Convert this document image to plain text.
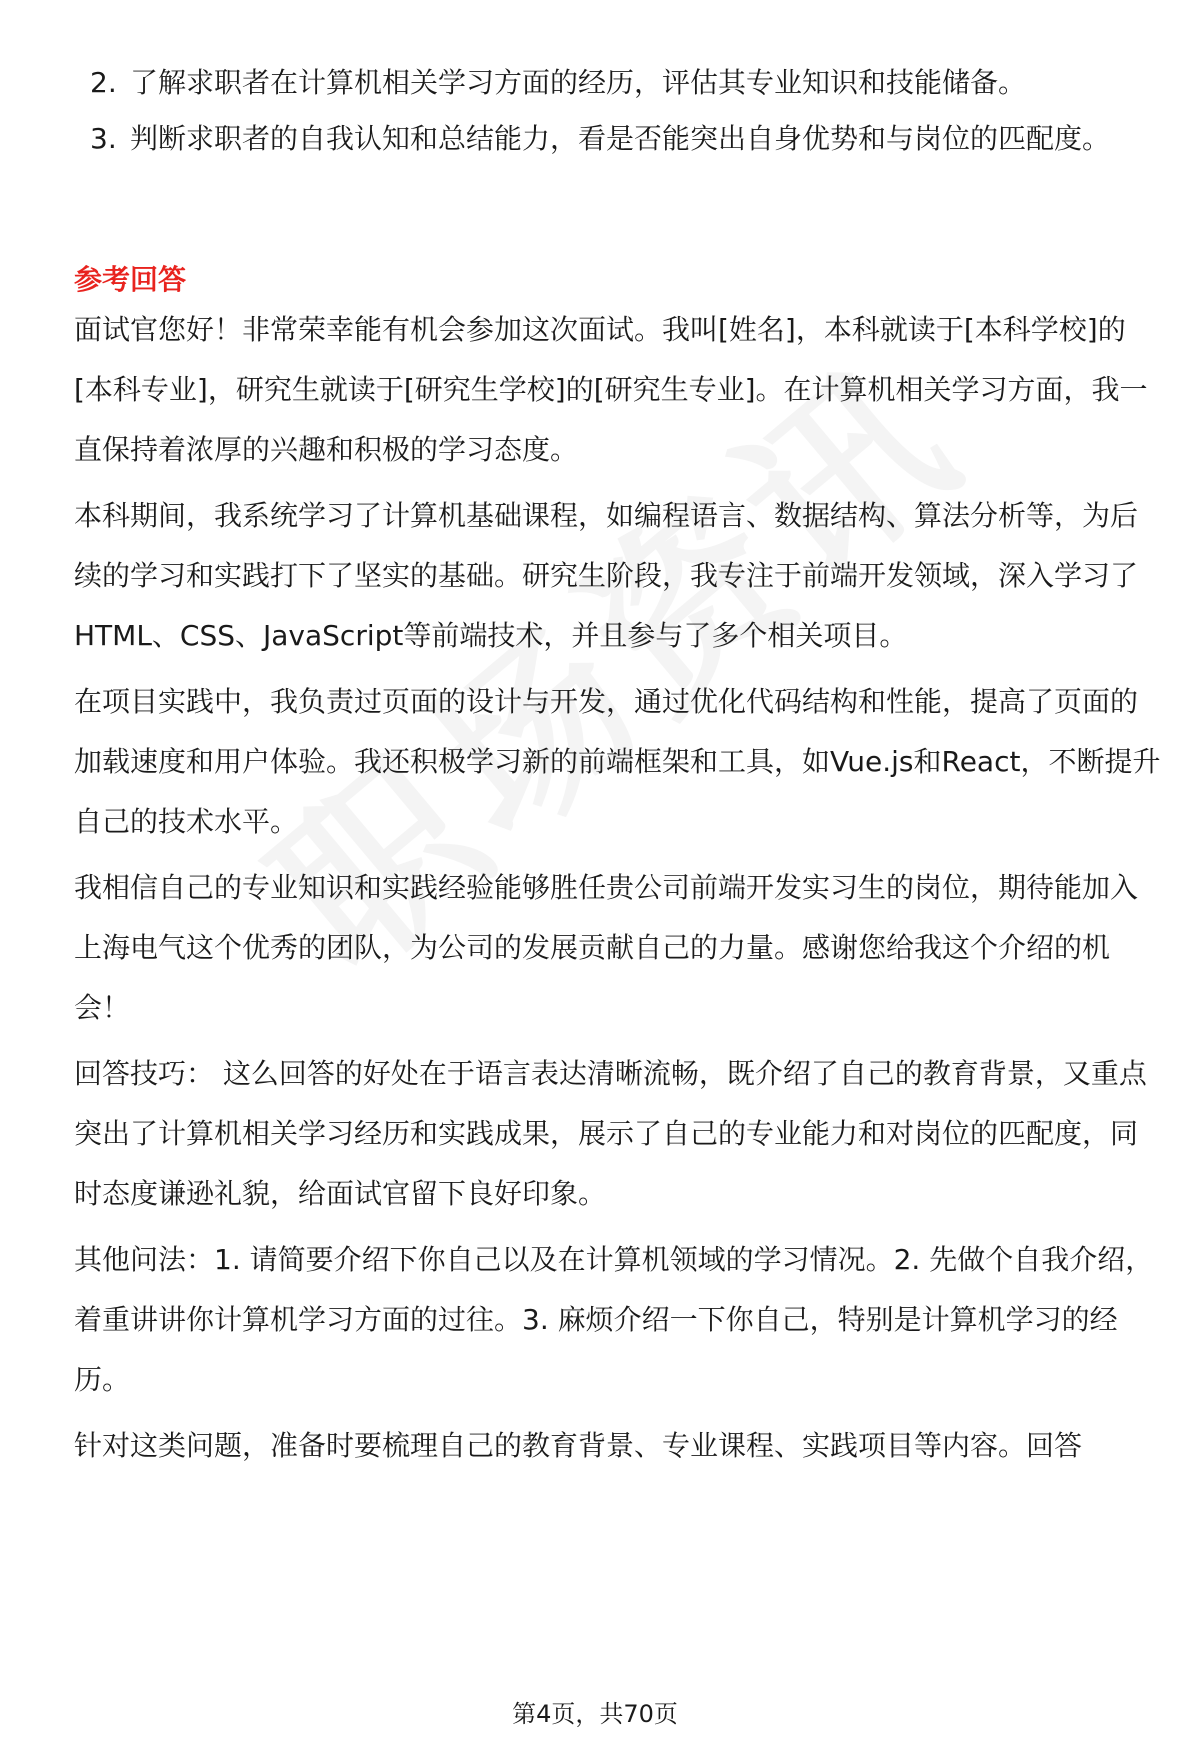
2. 了解求职者在计算机相关学习方面的经历，评估其专业知识和技能储备。

3. 判断求职者的自我认知和总结能力，看是否能突出自身优势和与岗位的匹配度。

参考回答

面试官您好！非常荣幸能有机会参加这次面试。我叫[姓名]，本科就读于[本科学校]的[本科专业]，研究生就读于[研究生学校]的[研究生专业]。在计算机相关学习方面，我一直保持着浓厚的兴趣和积极的学习态度。

本科期间，我系统学习了计算机基础课程，如编程语言、数据结构、算法分析等，为后续的学习和实践打下了坚实的基础。研究生阶段，我专注于前端开发领域，深入学习了HTML、CSS、JavaScript等前端技术，并且参与了多个相关项目。

在项目实践中，我负责过页面的设计与开发，通过优化代码结构和性能，提高了页面的加载速度和用户体验。我还积极学习新的前端框架和工具，如Vue.js和React，不断提升自己的技术水平。

我相信自己的专业知识和实践经验能够胜任贵公司前端开发实习生的岗位，期待能加入上海电气这个优秀的团队，为公司的发展贡献自己的力量。感谢您给我这个介绍的机会！

回答技巧： 这么回答的好处在于语言表达清晰流畅，既介绍了自己的教育背景，又重点突出了计算机相关学习经历和实践成果，展示了自己的专业能力和对岗位的匹配度，同时态度谦逊礼貌，给面试官留下良好印象。

其他问法：1. 请简要介绍下你自己以及在计算机领域的学习情况。2. 先做个自我介绍，着重讲讲你计算机学习方面的过往。3. 麻烦介绍一下你自己，特别是计算机学习的经历。

针对这类问题，准备时要梳理自己的教育背景、专业课程、实践项目等内容。回答

第4页，共70页
